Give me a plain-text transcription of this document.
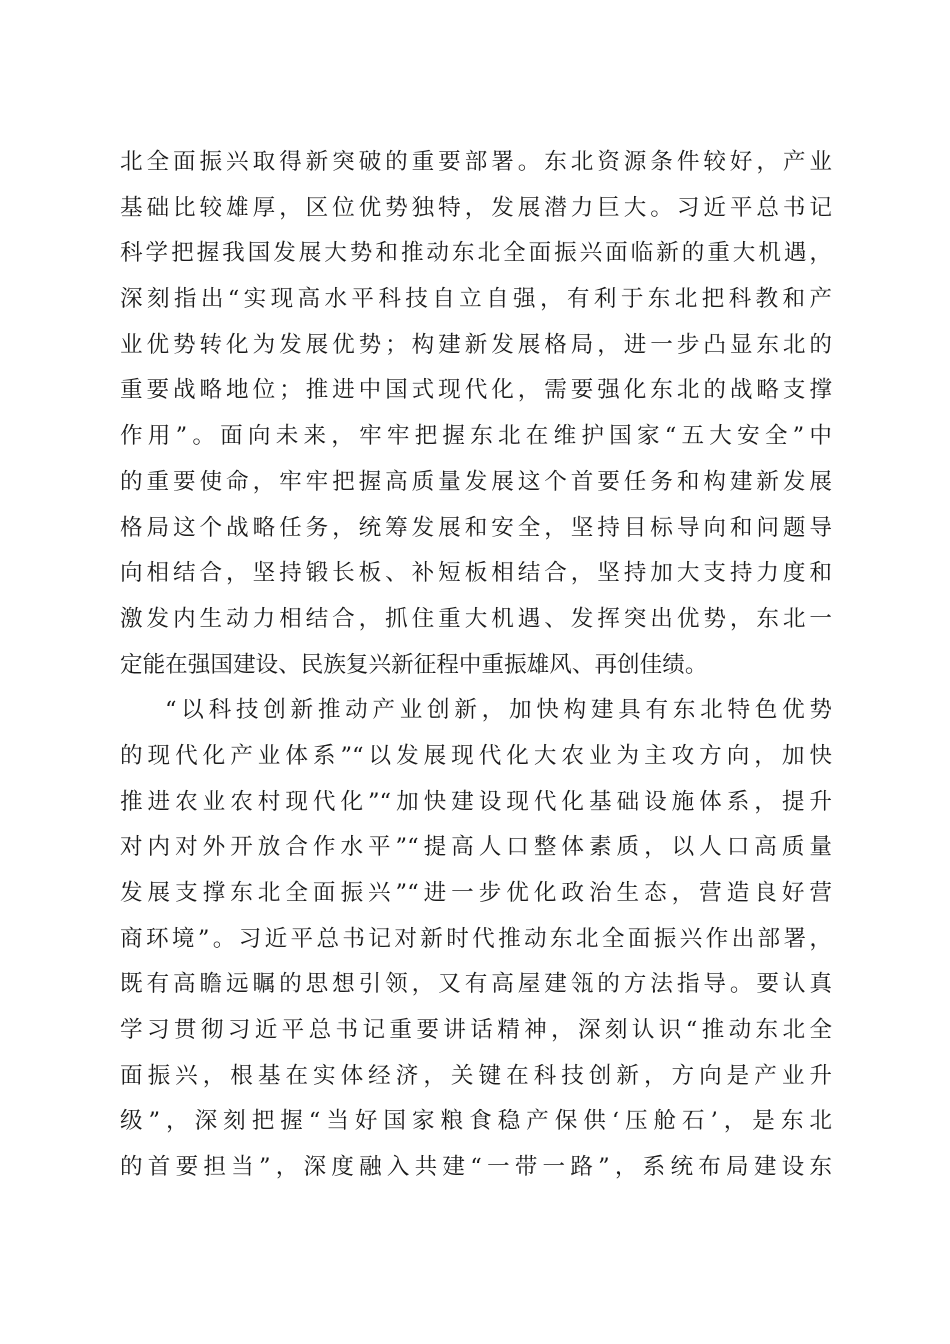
北全面振兴取得新突破的重要部署。东北资源条件较好，产业
基础比较雄厚，区位优势独特，发展潜力巨大。习近平总书记
科学把握我国发展大势和推动东北全面振兴面临新的重大机遇，
深刻指出“实现高水平科技自立自强，有利于东北把科教和产
业优势转化为发展优势；构建新发展格局，进一步凸显东北的
重要战略地位；推进中国式现代化，需要强化东北的战略支撑
作用”。面向未来，牢牢把握东北在维护国家“五大安全”中
的重要使命，牢牢把握高质量发展这个首要任务和构建新发展
格局这个战略任务，统筹发展和安全，坚持目标导向和问题导
向相结合，坚持锻长板、补短板相结合，坚持加大支持力度和
激发内生动力相结合，抓住重大机遇、发挥突出优势，东北一
定能在强国建设、民族复兴新征程中重振雄风、再创佳绩。
“以科技创新推动产业创新，加快构建具有东北特色优势
的现代化产业体系”“以发展现代化大农业为主攻方向，加快
推进农业农村现代化”“加快建设现代化基础设施体系，提升
对内对外开放合作水平”“提高人口整体素质，以人口高质量
发展支撑东北全面振兴”“进一步优化政治生态，营造良好营
商环境”。习近平总书记对新时代推动东北全面振兴作出部署，
既有高瞻远瞩的思想引领，又有高屋建瓴的方法指导。要认真
学习贯彻习近平总书记重要讲话精神，深刻认识“推动东北全
面振兴，根基在实体经济，关键在科技创新，方向是产业升
级”，深刻把握“当好国家粮食稳产保供‘压舱石’，是东北
的首要担当”，深度融入共建“一带一路”，系统布局建设东
